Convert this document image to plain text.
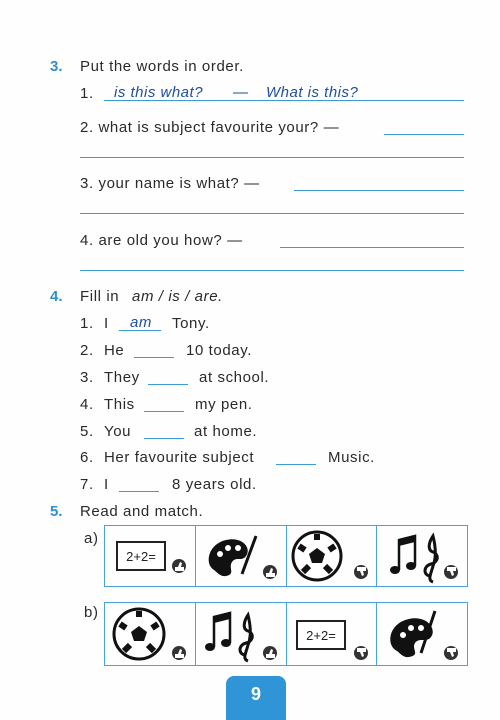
3. Put the words in order.
1. is this what? — What is this?
2. what is subject favourite your? —
3. your name is what? —
4. are old you how? —
4. Fill in am / is / are.
1. I am Tony.
2. He	10 today.
3. They	at school.
4. This	my pen.
5. You	at home.
6. Her favourite subject	Music.
7. I	8 years old.
5. Read and match.
a)
b)
2+2=
2+2=
9
